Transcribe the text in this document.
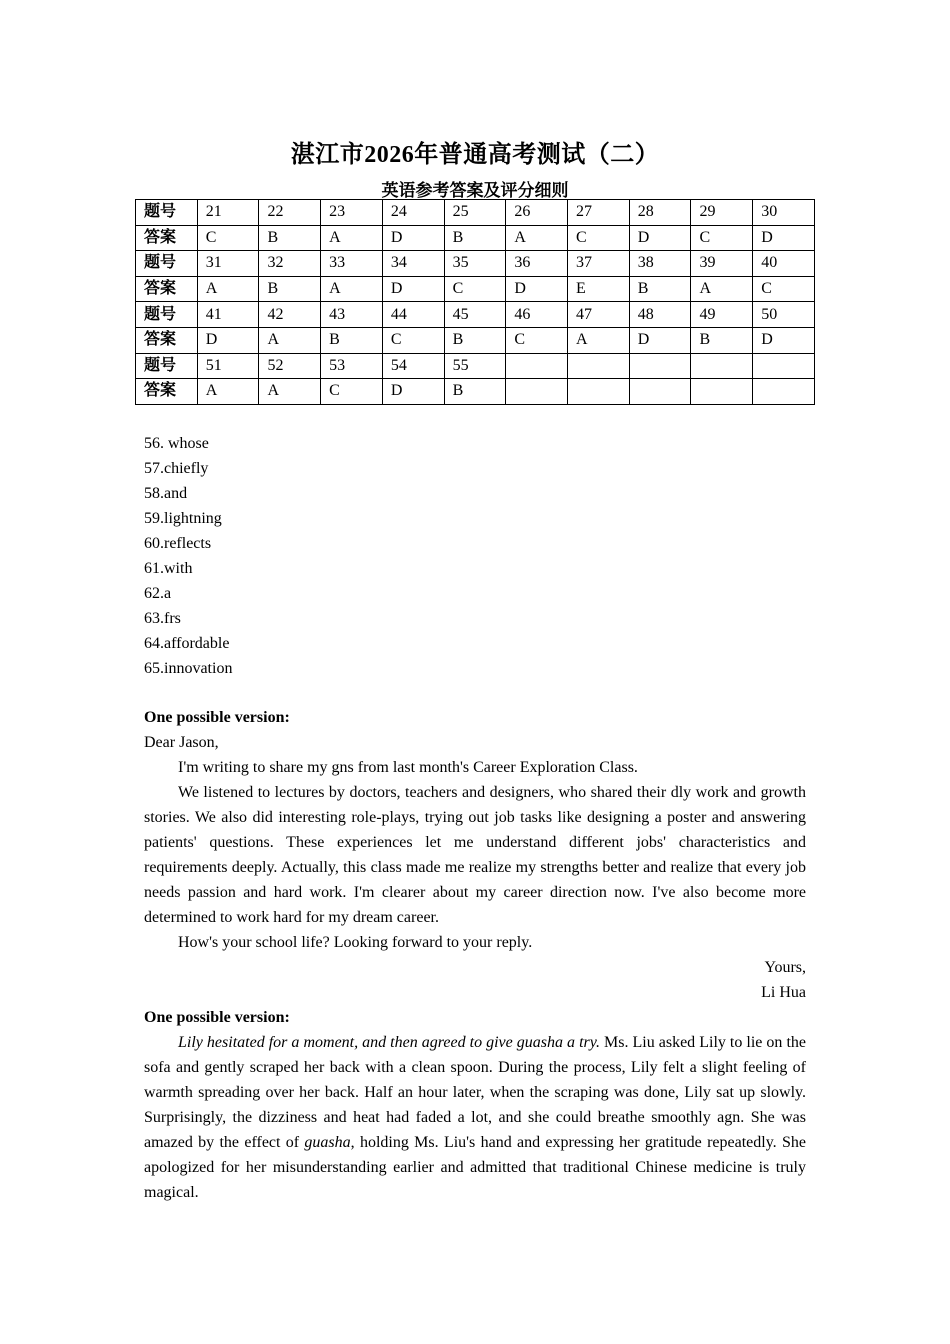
湛江市2026年普通高考测试（二）
英语参考答案及评分细则
题号	21	22	23	24	25	26	27	28	29	30
答案	C	B	A	D	B	A	C	D	C	D
题号	31	32	33	34	35	36	37	38	39	40
答案	A	B	A	D	C	D	E	B	A	C
题号	41	42	43	44	45	46	47	48	49	50
答案	D	A	B	C	B	C	A	D	B	D
题号	51	52	53	54	55					
答案	A	A	C	D	B					
56. whose
57.chiefly
58.and
59.lightning
60.reflects
61.with
62.a
63.frs
64.affordable
65.innovation
One possible version:
Dear Jason,
I'm writing to share my gns from last month's Career Exploration Class.
We listened to lectures by doctors, teachers and designers, who shared their dly work and growth stories. We also did interesting role-plays, trying out job tasks like designing a poster and answering patients' questions. These experiences let me understand different jobs' characteristics and requirements deeply. Actually, this class made me realize my strengths better and realize that every job needs passion and hard work. I'm clearer about my career direction now. I've also become more determined to work hard for my dream career.
How's your school life? Looking forward to your reply.
Yours,
Li Hua
One possible version:
Lily hesitated for a moment, and then agreed to give guasha a try. Ms. Liu asked Lily to lie on the sofa and gently scraped her back with a clean spoon. During the process, Lily felt a slight feeling of warmth spreading over her back. Half an hour later, when the scraping was done, Lily sat up slowly. Surprisingly, the dizziness and heat had faded a lot, and she could breathe smoothly agn. She was amazed by the effect of guasha, holding Ms. Liu's hand and expressing her gratitude repeatedly. She apologized for her misunderstanding earlier and admitted that traditional Chinese medicine is truly magical.
